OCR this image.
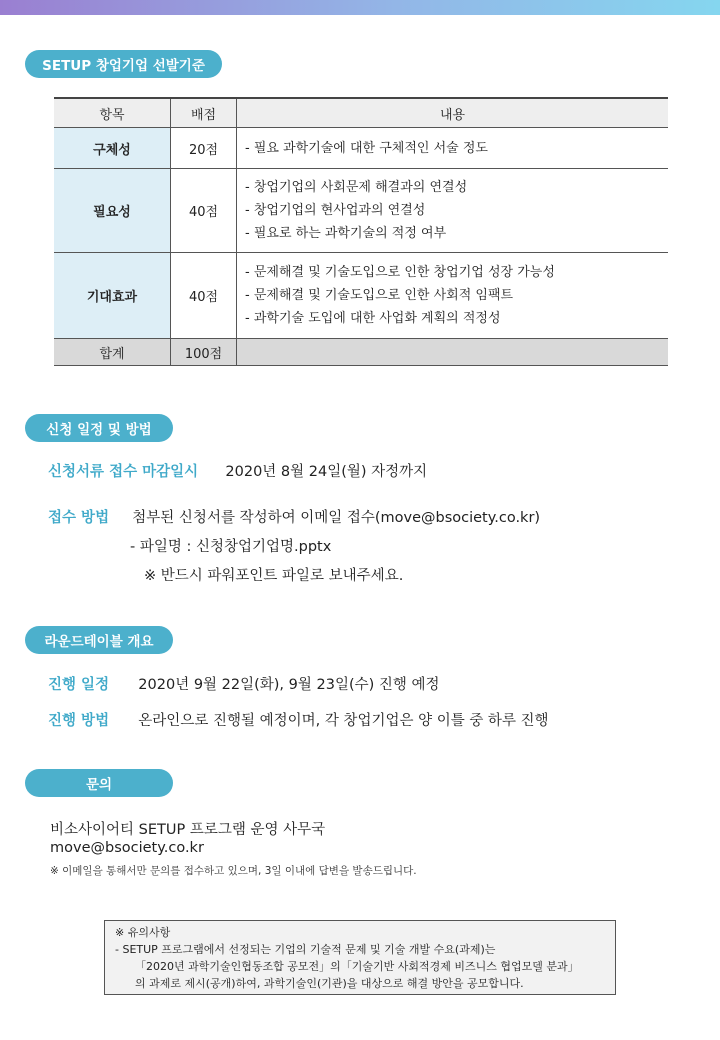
SETUP 창업기업 선발기준
항목	배점	내용
구체성	20점	- 필요 과학기술에 대한 구체적인 서술 정도

필요성	40점	- 창업기업의 사회문제 해결과의 연결성
- 창업기업의 현사업과의 연결성
- 필요로 하는 과학기술의 적정 여부

기대효과	40점	- 문제해결 및 기술도입으로 인한 창업기업 성장 가능성
- 문제해결 및 기술도입으로 인한 사회적 임팩트
- 과학기술 도입에 대한 사업화 계획의 적정성

합계	100점	
신청 일정 및 방법
신청서류 접수 마감일시 2020년 8월 24일(월) 자정까지
접수 방법 첨부된 신청서를 작성하여 이메일 접수(move@bsociety.co.kr)
- 파일명 : 신청창업기업명.pptx
※ 반드시 파워포인트 파일로 보내주세요.
라운드테이블 개요
진행 일정 2020년 9월 22일(화), 9월 23일(수) 진행 예정
진행 방법 온라인으로 진행될 예정이며, 각 창업기업은 양 이틀 중 하루 진행
문의
비소사이어티 SETUP 프로그램 운영 사무국
move@bsociety.co.kr
※ 이메일을 통해서만 문의를 접수하고 있으며, 3일 이내에 답변을 발송드립니다.
※ 유의사항
- SETUP 프로그램에서 선정되는 기업의 기술적 문제 및 기술 개발 수요(과제)는
「2020년 과학기술인협동조합 공모전」의「기술기반 사회적경제 비즈니스 협업모델 분과」
의 과제로 제시(공개)하여, 과학기술인(기관)을 대상으로 해결 방안을 공모합니다.
